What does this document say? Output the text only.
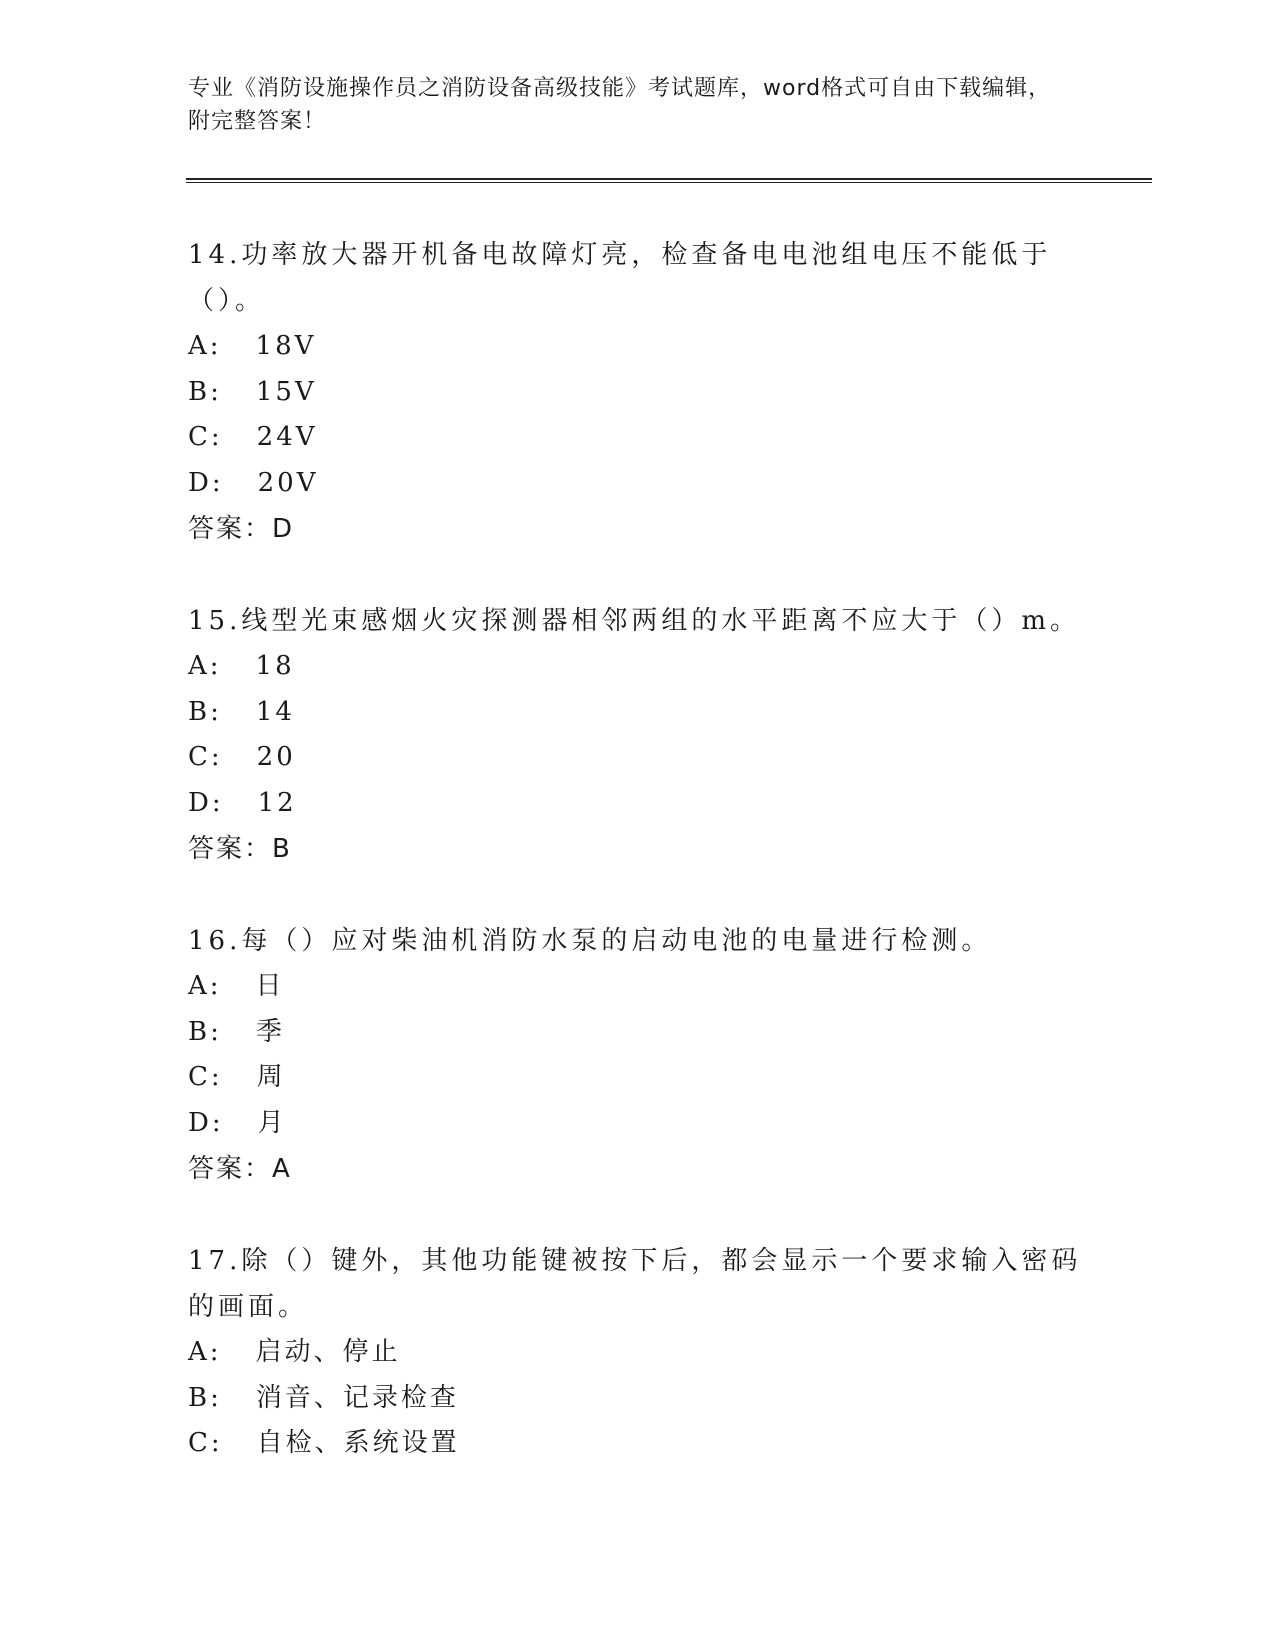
专业《消防设施操作员之消防设备高级技能》考试题库，word格式可自由下载编辑，附完整答案！

14.功率放大器开机备电故障灯亮，检查备电电池组电压不能低于（）。

A: 18V

B: 15V

C: 24V

D: 20V

答案：D

15.线型光束感烟火灾探测器相邻两组的水平距离不应大于（）m。

A: 18

B: 14

C: 20

D: 12

答案：B

16.每（）应对柴油机消防水泵的启动电池的电量进行检测。

A: 日

B: 季

C: 周

D: 月

答案：A

17.除（）键外，其他功能键被按下后，都会显示一个要求输入密码的画面。

A: 启动、停止

B: 消音、记录检查

C: 自检、系统设置
